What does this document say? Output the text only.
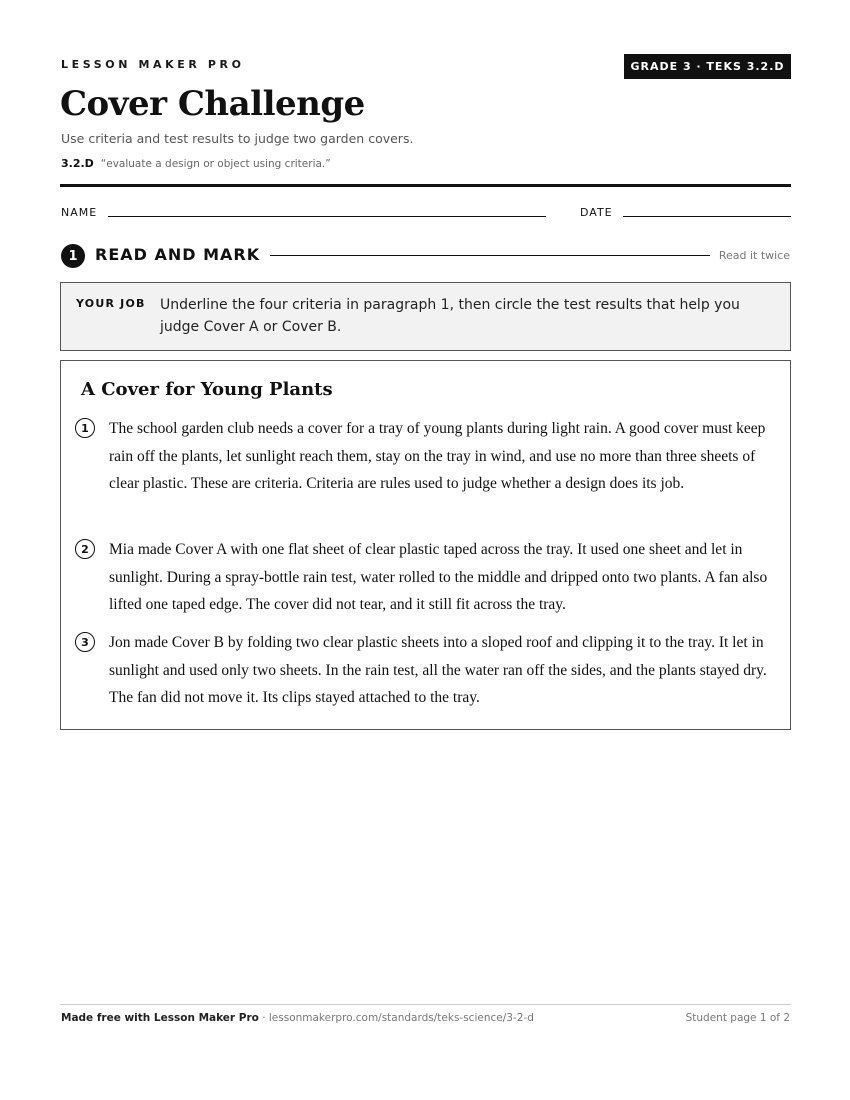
LESSON MAKER PRO	GRADE 3 · TEKS 3.2.D
Cover Challenge
Use criteria and test results to judge two garden covers.
3.2.D “evaluate a design or object using criteria.”
NAME	DATE
1	READ AND MARK	Read it twice
YOUR JOB Underline the four criteria in paragraph 1, then circle the test results that help you judge Cover A or Cover B.
A Cover for Young Plants
1	The school garden club needs a cover for a tray of young plants during light rain. A good cover must keep rain off the plants, let sunlight reach them, stay on the tray in wind, and use no more than three sheets of clear plastic. These are criteria. Criteria are rules used to judge whether a design does its job.
2	Mia made Cover A with one flat sheet of clear plastic taped across the tray. It used one sheet and let in sunlight. During a spray-bottle rain test, water rolled to the middle and dripped onto two plants. A fan also lifted one taped edge. The cover did not tear, and it still fit across the tray.
3	Jon made Cover B by folding two clear plastic sheets into a sloped roof and clipping it to the tray. It let in sunlight and used only two sheets. In the rain test, all the water ran off the sides, and the plants stayed dry. The fan did not move it. Its clips stayed attached to the tray.
Made free with Lesson Maker Pro · lessonmakerpro.com/standards/teks-science/3-2-d	Student page 1 of 2
